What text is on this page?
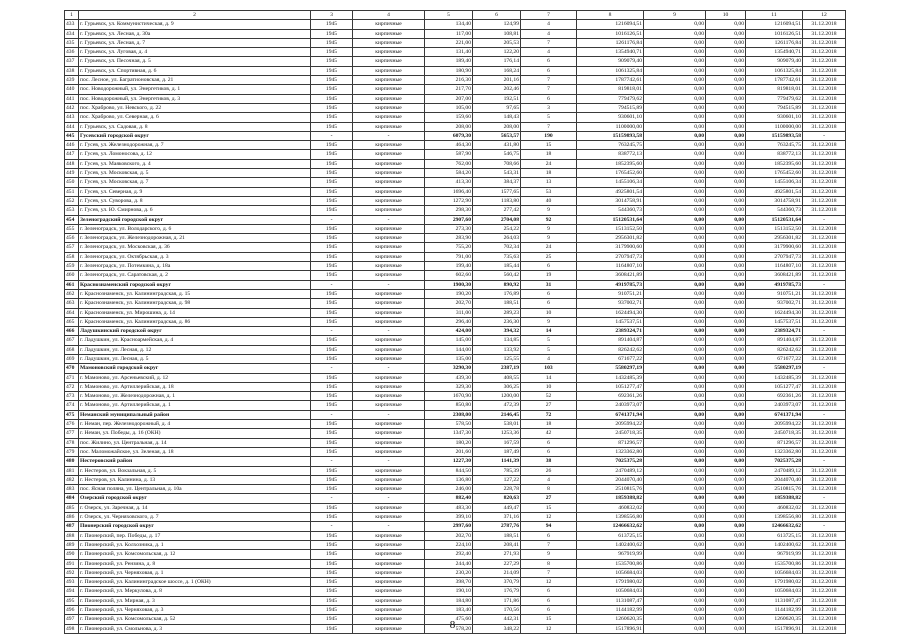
1	2	3	4	5	6	7	8	9	10	11	12
433	г. Гурьевск, ул. Коммунистическая, д. 9	1945	кирпичные	134,40	124,99	4	1216094,51	0,00	0,00	1216094,51	31.12.2018
434	г. Гурьевск, ул. Лесная, д. 30а	1945	кирпичные	117,00	108,81	4	1016126,51	0,00	0,00	1016126,51	31.12.2018
435	г. Гурьевск, ул. Лесная, д. 7	1945	кирпичные	221,00	205,53	7	1261176,84	0,00	0,00	1261176,84	31.12.2018
436	г. Гурьевск, ул. Луговая, д. 4	1945	кирпичные	131,40	122,20	4	1354940,71	0,00	0,00	1354940,71	31.12.2018
437	г. Гурьевск, ул. Песочная, д. 5	1945	кирпичные	189,40	176,14	6	909079,40	0,00	0,00	909079,40	31.12.2018
438	г. Гурьевск, ул. Спортивная, д. 6	1945	кирпичные	180,90	168,24	6	1061325,84	0,00	0,00	1061325,84	31.12.2018
439	пос. Лесное, ул. Багратионовская, д. 21	1945	кирпичные	216,30	201,16	7	1787742,61	0,00	0,00	1787742,61	31.12.2018
440	пос. Новодорожный, ул. Энергетиков, д. 1	1945	кирпичные	217,70	202,46	7	819818,01	0,00	0,00	819818,01	31.12.2018
441	пос. Новодорожный, ул. Энергетиков, д. 3	1945	кирпичные	207,00	192,51	6	779479,62	0,00	0,00	779479,62	31.12.2018
442	пос. Храброво, ул. Невского, д. 22	1945	кирпичные	105,00	97,65	3	794515,89	0,00	0,00	794515,89	31.12.2018
443	пос. Храброво, ул. Северная, д. 6	1945	кирпичные	159,60	148,43	5	930601,10	0,00	0,00	930601,10	31.12.2018
444	г. Гурьевск, ул. Садовая, д. 8	1945	кирпичные	208,00	208,00	7	1100000,00	0,00	0,00	1100000,00	31.12.2018
445	Гусевский городской округ	-	-	6079,30	5653,57	190	15159893,58	0,00	0,00	15159893,58	-
446	г. Гусев, ул. Железнодорожная, д. 7	1945	кирпичные	464,30	431,80	15	763245,75	0,00	0,00	763245,75	31.12.2018
447	г. Гусев, ул. Ломоносова, д. 12	1945	кирпичные	587,90	546,75	18	838772,13	0,00	0,00	838772,13	31.12.2018
448	г. Гусев, ул. Маяковского, д. 4	1945	кирпичные	762,00	708,66	24	1852395,60	0,00	0,00	1852395,60	31.12.2018
449	г. Гусев, ул. Московская, д. 5	1945	кирпичные	584,20	543,31	18	1765452,60	0,00	0,00	1765452,60	31.12.2018
450	г. Гусев, ул. Московская, д. 7	1945	кирпичные	413,30	384,37	13	1455106,34	0,00	0,00	1455106,34	31.12.2018
451	г. Гусев, ул. Северная, д. 9	1945	кирпичные	1696,40	1577,65	53	4925801,54	0,00	0,00	4925801,54	31.12.2018
452	г. Гусев, ул. Суворова, д. 8	1945	кирпичные	1272,90	1183,80	40	3014758,91	0,00	0,00	3014758,91	31.12.2018
453	г. Гусев, ул. Ю. Смирнова, д. 6	1945	кирпичные	298,30	277,42	9	544360,73	0,00	0,00	544360,73	31.12.2018
454	Зеленоградский городской округ	-	-	2907,60	2704,08	92	15120531,64	0,00	0,00	15120531,64	-
455	г. Зеленоградск, ул. Володарского, д. 6	1945	кирпичные	273,30	254,22	9	1513152,50	0,00	0,00	1513152,50	31.12.2018
456	г. Зеленоградск, ул. Железнодорожная, д. 21	1945	кирпичные	283,90	264,03	9	2956301,82	0,00	0,00	2956301,82	31.12.2018
457	г. Зеленоградск, ул. Московская, д. 36	1945	кирпичные	755,20	702,34	24	3179900,60	0,00	0,00	3179900,60	31.12.2018
458	г. Зеленоградск, ул. Октябрьская, д. 3	1945	кирпичные	791,00	735,63	25	2707947,73	0,00	0,00	2707947,73	31.12.2018
459	г. Зеленоградск, ул. Потемкина, д. 18а	1945	кирпичные	199,40	185,44	6	1164807,10	0,00	0,00	1164807,10	31.12.2018
460	г. Зеленоградск, ул. Саратовская, д. 2	1945	кирпичные	602,60	560,42	19	3608421,89	0,00	0,00	3608421,89	31.12.2018
461	Краснознаменский городской округ	-	-	1900,30	890,92	31	4919785,73	0,00	0,00	4919785,73	-
462	г. Краснознаменск, ул. Калининградская, д. 15	1945	кирпичные	190,20	176,89	6	910751,21	0,00	0,00	910751,21	31.12.2018
463	г. Краснознаменск, ул. Калининградская, д. 98	1945	кирпичные	202,70	188,51	6	937002,71	0,00	0,00	937002,71	31.12.2018
464	г. Краснознаменск, ул. Мирошина, д. 14	1945	кирпичные	311,00	289,23	10	1624494,30	0,00	0,00	1624494,30	31.12.2018
465	г. Краснознаменск, ул. Калининградская, д. 86	1945	кирпичные	296,40	236,30	9	1457537,51	0,00	0,00	1457537,51	31.12.2018
466	Ладушкинский городской округ	-	-	424,00	394,32	14	2389324,71	0,00	0,00	2389324,71	-
467	г. Ладушкин, ул. Красноармейская, д. 4	1945	кирпичные	145,00	134,85	5	891404,87	0,00	0,00	891404,87	31.12.2018
468	г. Ладушкин, ул. Лесная, д. 12	1945	кирпичные	144,00	133,92	5	826242,62	0,00	0,00	826242,62	31.12.2018
469	г. Ладушкин, ул. Лесная, д. 5	1945	кирпичные	135,00	125,55	4	671677,22	0,00	0,00	671677,22	31.12.2018
470	Мамоновский городской округ	-	-	3290,30	2387,19	103	5580297,19	0,00	0,00	5580297,19	-
471	г. Мамоново, ул. Арсеньевский, д. 12	1945	кирпичные	439,30	408,55	14	1432485,39	0,00	0,00	1432485,39	31.12.2018
472	г. Мамоново, ул. Артиллерийская, д. 18	1945	кирпичные	329,30	306,25	10	1051277,47	0,00	0,00	1051277,47	31.12.2018
473	г. Мамоново, ул. Железнодорожная, д. 1	1945	кирпичные	1670,90	1200,00	52	692361,26	0,00	0,00	692361,26	31.12.2018
474	г. Мамоново, ул. Артиллерийская, д. 1	1945	кирпичные	850,80	472,39	27	2403973,07	0,00	0,00	2403973,07	31.12.2018
475	Неманский муниципальный район	-	-	2308,00	2146,45	72	6741371,94	0,00	0,00	6741371,94	-
476	г. Неман, пер. Железнодорожный, д. 4	1945	кирпичные	578,50	538,01	18	2095994,22	0,00	0,00	2095994,22	31.12.2018
477	г. Неман, ул. Победы, д. 16 (ОКН)	1945	кирпичные	1347,30	1253,36	42	2450718,35	0,00	0,00	2450718,35	31.12.2018
478	пос. Жилино, ул. Центральная, д. 14	1945	кирпичные	180,20	167,59	6	871296,57	0,00	0,00	871296,57	31.12.2018
479	пос. Маломожайское, ул. Зеленая, д. 18	1945	кирпичные	201,60	187,49	6	1323362,80	0,00	0,00	1323362,80	31.12.2018
480	Нестеровский район	-	-	1227,30	1141,39	38	7025375,28	0,00	0,00	7025375,28	-
481	г. Нестеров, ул. Вокзальная, д. 5	1945	кирпичные	844,50	785,39	26	2470489,12	0,00	0,00	2470489,12	31.12.2018
482	г. Нестеров, ул. Калинина, д. 13	1945	кирпичные	136,80	127,22	4	2044070,40	0,00	0,00	2044070,40	31.12.2018
483	пос. Ясная поляна, ул. Центральная, д. 10а	1945	кирпичные	246,00	228,78	8	2510815,76	0,00	0,00	2510815,76	31.12.2018
484	Озерский городской округ	-	-	882,40	820,63	27	1859388,82	0,00	0,00	1859388,82	-
485	г. Озерск, ул. Заречная, д. 14	1945	кирпичные	483,30	449,47	15	460832,02	0,00	0,00	460832,02	31.12.2018
486	г. Озерск, ул. Черняховского, д. 7	1945	кирпичные	399,10	371,16	12	1398556,80	0,00	0,00	1398556,80	31.12.2018
487	Пионерский городской округ	-	-	2997,60	2787,76	94	12466632,62	0,00	0,00	12466632,62	-
488	г. Пионерский, пер. Победы, д. 17	1945	кирпичные	202,70	188,51	6	613725,15	0,00	0,00	613725,15	31.12.2018
489	г. Пионерский, ул. Колхозника, д. 1	1945	кирпичные	224,10	208,41	7	1402400,62	0,00	0,00	1402400,62	31.12.2018
490	г. Пионерский, ул. Комсомольская, д. 12	1945	кирпичные	292,40	271,93	9	967919,99	0,00	0,00	967919,99	31.12.2018
491	г. Пионерский, ул. Рензина, д. 8	1945	кирпичные	244,40	227,29	8	1535700,86	0,00	0,00	1535700,86	31.12.2018
492	г. Пионерский, ул. Черняховая, д. 1	1945	кирпичные	230,20	214,09	7	1056684,03	0,00	0,00	1056684,03	31.12.2018
493	г. Пионерский, ул. Калининградское шоссе, д. 1 (ОКН)	1945	кирпичные	398,70	370,79	12	1791980,02	0,00	0,00	1791980,02	31.12.2018
494	г. Пионерский, ул. Меркулова, д. 8	1945	кирпичные	190,10	176,79	6	1050684,03	0,00	0,00	1050684,03	31.12.2018
495	г. Пионерский, ул. Мирная, д. 3	1945	кирпичные	184,80	171,86	6	1131087,47	0,00	0,00	1131087,47	31.12.2018
496	г. Пионерский, ул. Черняховая, д. 3	1945	кирпичные	183,40	170,56	6	1144182,99	0,00	0,00	1144182,99	31.12.2018
497	г. Пионерский, ул. Комсомольская, д. 52	1945	кирпичные	475,60	442,31	15	1260620,35	0,00	0,00	1260620,35	31.12.2018
498	г. Пионерский, ул. Смольнова, д. 3	1945	кирпичные	578,20	348,22	12	1517896,91	0,00	0,00	1517896,91	31.12.2018
8
